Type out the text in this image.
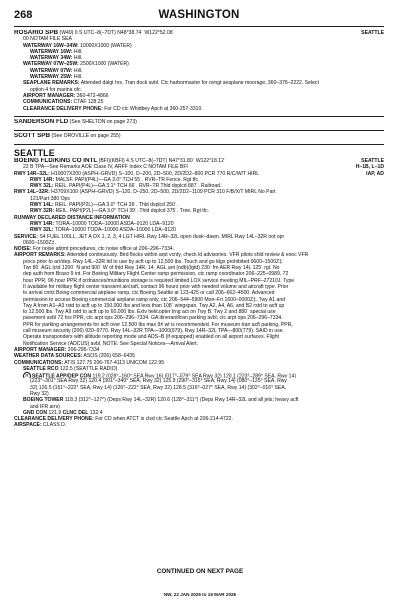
268	WASHINGTON
ROSARIO SPB (W49) 0 S UTC–8(–7DT) N48°38.74´ W122°52.08´	SEATTLE
00 NOTAM FILE SEA
WATERWAY 16W–34W: 10000X1000 (WATER)
WATERWAY 16W: Hill.
WATERWAY 34W: Hill.
WATERWAY 07W–25W: 2500X1000 (WATER)
WATERWAY 07W: Hill.
WATERWAY 25W: Hill.
SEAPLANE REMARKS: Attended dalgt hrs. Tran dock avbl. Ctc harbormaster for ovngt seaplane moorage, 360–376–2222. Select
option 4 for marina ofc.
AIRPORT MANAGER: 360-472-4866
COMMUNICATIONS: CTAF 128.25
CLEARANCE DELIVERY PHONE: For CD ctc Whidbey Apch at 360-257-3310.
SANDERSON FLD (See SHELTON on page 273)
SCOTT SPB (See OROVILLE on page 255)
SEATTLE
BOEING FLD/KING CO INTL (BFI)(KBFI) 4 S UTC–8(–7DT) N47°31.80´ W122°18.12´	SEATTLE
H–1B, L–1D
IAP, AD
22 B TPA—See Remarks AOE Class IV, ARFF Index C NOTAM FILE BFI
RWY 14R–32L: H10007X200 (ASPH–GRVD) S–100, D–200, 2D–500, 2D/2D2–800 PCR 770 R/C/W/T HIRL
RWY 14R: MALSF. PAPI(P4L)—GA 3.0° TCH 55´. RVR–TR Fence. Rgt tfc.
RWY 32L: REIL. PAPI(P4L)—GA 3.1° TCH 66´. RVR–TR Thld dsplcd 887´. Railroad.
RWY 14L–32R: H3709X100 (ASPH–GRVD) S–120, D–250, 2D–500, 2D/2D2–1109 PCR 310 F/B/X/T MIRL No Part
121/Part 380 Ops
RWY 14L: REIL. PAPI(P2L)—GA 3.0° TCH 39´. Thld dsplcd 250´.
RWY 32R: REIL. PAPI(P2L)—GA 3.0° TCH 39´. Thld dsplcd 375´. Tree. Rgt tfc.
RUNWAY DECLARED DISTANCE INFORMATION
RWY 14R: TORA–10000 TODA–10000 ASDA–9120 LDA–9120
RWY 32L: TORA–10000 TODA–10000 ASDA–10000 LDA–9120
SERVICE: S4 FUEL 100LL, JET A OX 1, 2, 3, 4 LGT HIRL Rwy 14R–32L open dusk–dawn. MIRL Rwy 14L–32R not opr
0600–1500Z‡.
NOISE: For noise abtmt procedures, ctc noise office at 206–296–7334.
AIRPORT REMARKS: Attended continuously. Bird flocks within arpt vcnty, check ld advisories. VFR pilots shld review & exec VFR
procs prior to arr/dep. Rwy 14L–32R ltd to use by acft up to 12,500 lbs. Touch and go ldgs prohibited 0600–1500Z‡.
Twr 80´ AGL lctd 1200´ N and 900´ W of thld Rwy 14R. 14´ AGL ant (ndb)(lgtd) 230´ fm AER Rwy 14L 125´ rgt. No
dep auth from Bravo 9 int. For Boeing Military Flight Center ramp permission, ctc ramp coordinator 206–225–0989, 72
hour PPR, 96 hour PPR if ordnances/munitions storage is required limited LOX service meeting MIL–PRF–27210J. Type
II available for military flight center transient aircraft, contact 96 hours prior with needed volume and aircraft type. Prior
to arrival cntct Boing commercial airplane ramp, ctc Boeing Seattle at 123-425 or call 206–662–4500. Advanced
permission to access Boeing commercial airplane ramp only, ctc 206–544–5900 Mon–Fri 1600–0000Z‡. Twy A1 and
Twy A from A1–A3 rstd to acft up to 150,000 lbs and less than 108´ wingspan. Twy A2, A4, A6, and B2 rstd to acft up
to 12,500 lbs. Twy A9 rstd to acft up to 60,000 lbs. Extv helicopter trng act on Twy B. Twy 2 and 880´ special use
pavement avbl 72 hrs PPR, ctc arpt ops 206–296–7334. GA itinerant/tran parking avbl, ctc arpt ops 206–296–7334.
PPR for parking arrangements for acft over 12,500 lbs max 9# wt is recommended. For museum tran acft parking, PPR,
call museum security (206) 920–9770. Rwy 14L–32R TPA—1000(979), Rwy 14R–32L TPA—800(779). SAID in use.
Operate transponders with altitude reporting mode and ADS–B (if equipped) enabled on all airport surfaces. Flight
Notification Service (ADCUS) avbl. NOTE: See Special Notices—Arrival Alert.
AIRPORT MANAGER: 206-296-7334
WEATHER DATA SOURCES: ASOS (206) 658–6435
COMMUNICATIONS: ATIS 127.75 206-767-4113 UNICOM 122.95
SEATTLE RCO 122.5 (SEATTLE RADIO)
R SEATTLE APP/DEP CON 119.2 (028°–160° SEA Rwy 16) (017°–079° SEA Rwy 32) 120.1 (223°–289° SEA, Rwy 14)
(223°–301° SEA Rwy 32) 120.4 (301°–340° SEA, Rwy 32) 125.9 (290°–315° SEA, Rwy 14) (080°–125° SEA, Rwy
32) 126.5 (161°–222° SEA, Rwy 14) (126°–222° SEA, Rwy 32) 128.5 (316°–027° SEA, Rwy 14) (302°–016° SEA,
Rwy 32)
BOEING TOWER 118.3 (312°–127°) (Deps Rwy 14L–32R) 120.6 (128°–311°) (Deps Rwy 14R–32L and all jets; heavy acft
and IFR arrs)
GND CON 121.9 CLNC DEL 132.4
CLEARANCE DELIVERY PHONE: For CD when ATCT is clsd ctc Seattle Apch at 206-214-4722.
AIRSPACE: CLASS D.
CONTINUED ON NEXT PAGE
NW, 22 JAN 2026 to 19 MAR 2026
